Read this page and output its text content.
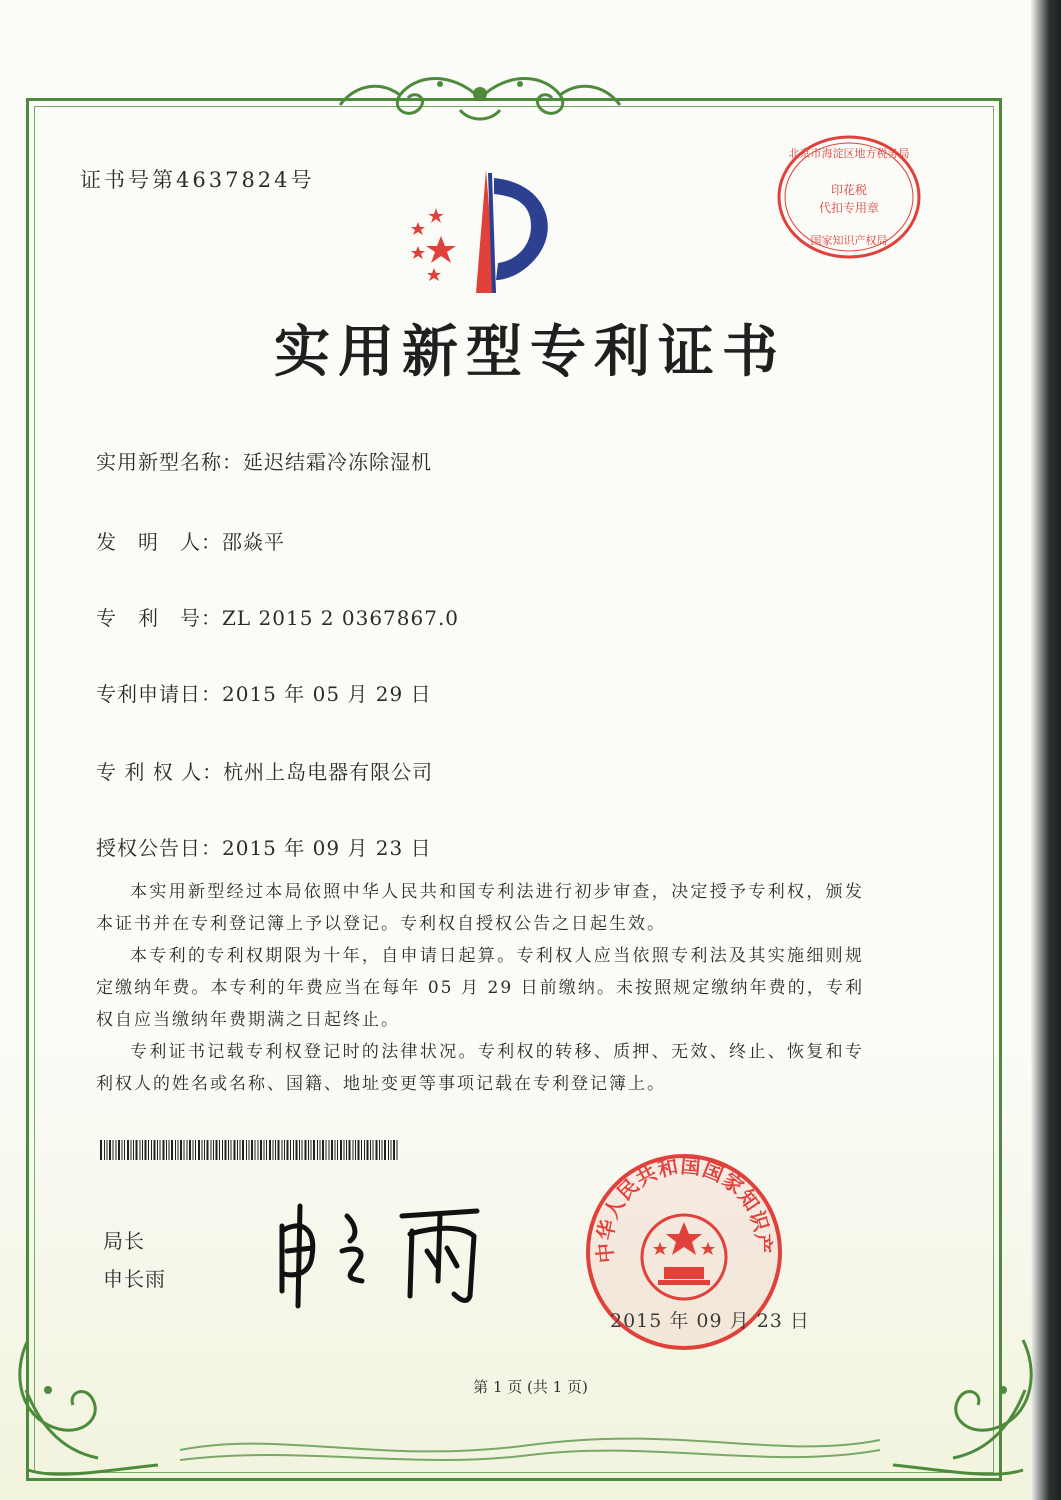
证书号第4637824号
北京市海淀区地方税务局
印花税
代扣专用章
国家知识产权局
实用新型专利证书
实用新型名称：延迟结霜冷冻除湿机
发　明　人：邵焱平
专　利　号：ZL 2015 2 0367867.0
专利申请日：2015 年 05 月 29 日
专 利 权 人：杭州上岛电器有限公司
授权公告日：2015 年 09 月 23 日

本实用新型经过本局依照中华人民共和国专利法进行初步审查，决定授予专利权，颁发本证书并在专利登记簿上予以登记。专利权自授权公告之日起生效。

本专利的专利权期限为十年，自申请日起算。专利权人应当依照专利法及其实施细则规定缴纳年费。本专利的年费应当在每年 05 月 29 日前缴纳。未按照规定缴纳年费的，专利权自应当缴纳年费期满之日起终止。

专利证书记载专利权登记时的法律状况。专利权的转移、质押、无效、终止、恢复和专利权人的姓名或名称、国籍、地址变更等事项记载在专利登记簿上。

局长
申长雨
中华人民共和国国家知识产
2015 年 09 月 23 日
第 1 页 (共 1 页)
